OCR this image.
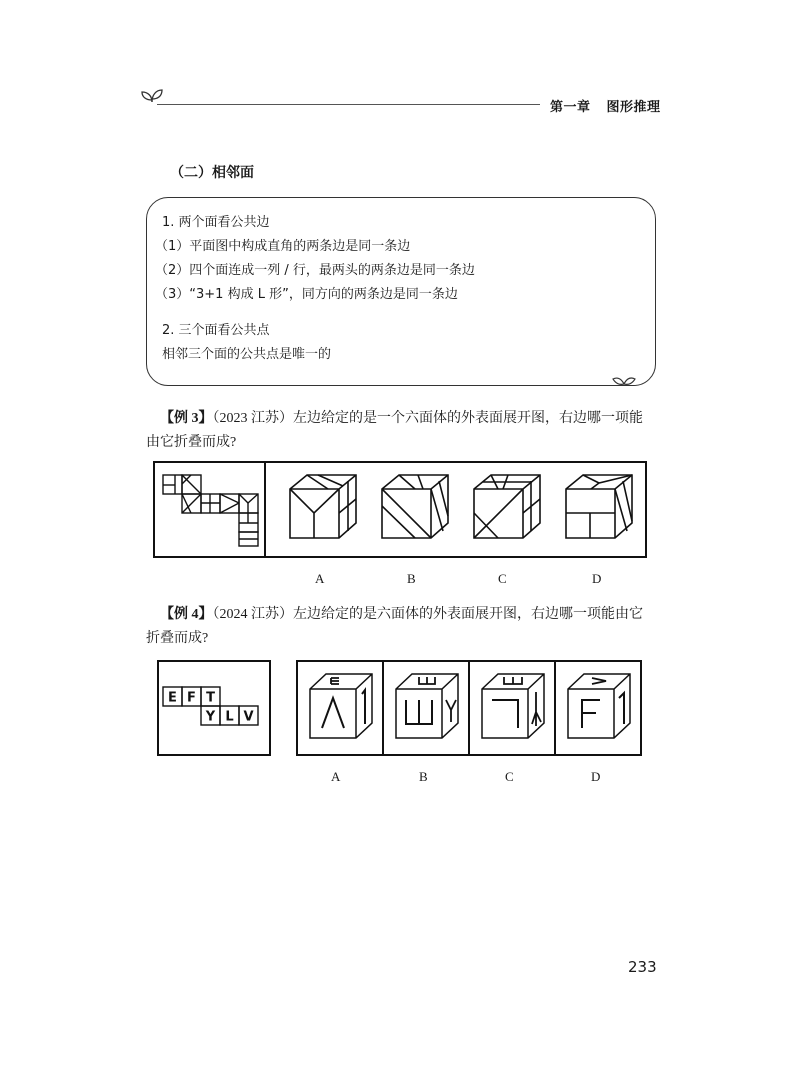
第一章 图形推理
（二）相邻面
1. 两个面看公共边
（1）平面图中构成直角的两条边是同一条边
（2）四个面连成一列 / 行，最两头的两条边是同一条边
（3）“3+1 构成 L 形”，同方向的两条边是同一条边
2. 三个面看公共点
相邻三个面的公共点是唯一的
【例 3】（2023 江苏）左边给定的是一个六面体的外表面展开图，右边哪一项能
由它折叠而成?
A	B	C	D
【例 4】（2024 江苏）左边给定的是六面体的外表面展开图，右边哪一项能由它
折叠而成?
E F T
Y L V
A	B	C	D
233
